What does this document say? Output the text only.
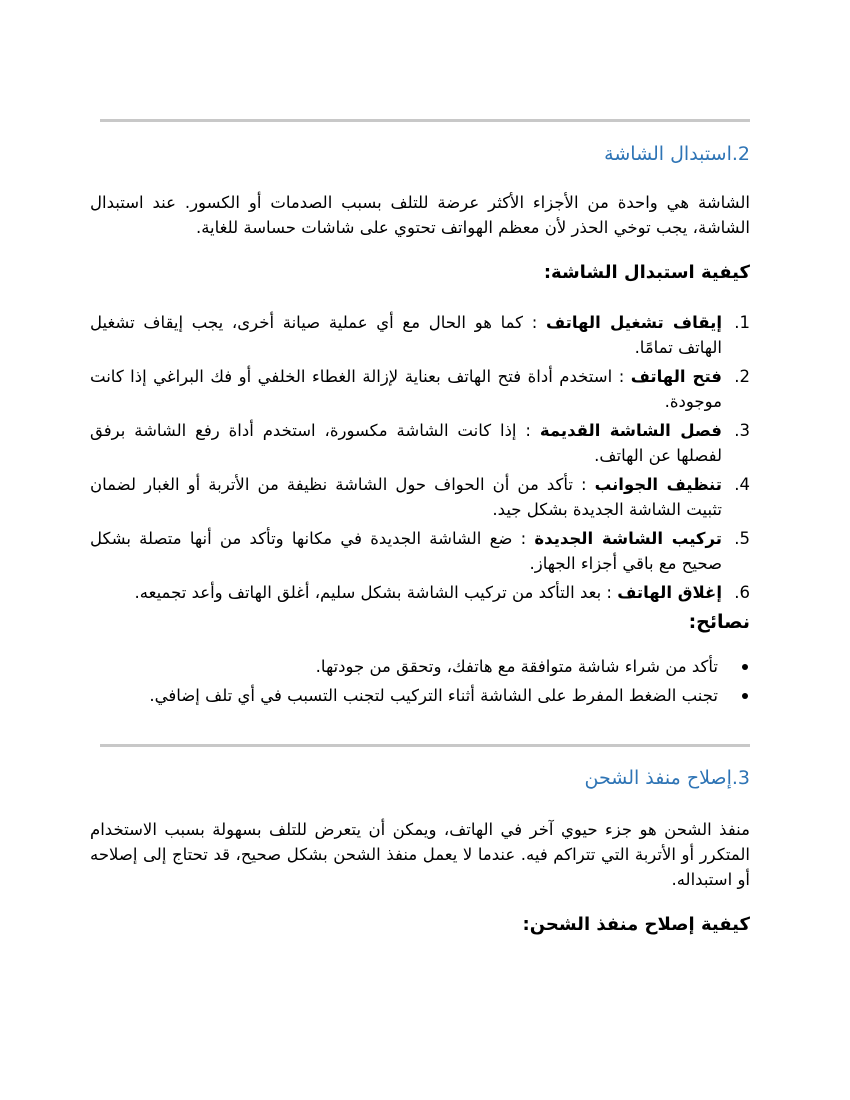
2.استبدال الشاشة
الشاشة هي واحدة من الأجزاء الأكثر عرضة للتلف بسبب الصدمات أو الكسور. عند استبدال الشاشة، يجب توخي الحذر لأن معظم الهواتف تحتوي على شاشات حساسة للغاية.
كيفية استبدال الشاشة:
1.
إيقاف تشغيل الهاتف : كما هو الحال مع أي عملية صيانة أخرى، يجب إيقاف تشغيل الهاتف تمامًا.
2.
فتح الهاتف : استخدم أداة فتح الهاتف بعناية لإزالة الغطاء الخلفي أو فك البراغي إذا كانت موجودة.
3.
فصل الشاشة القديمة : إذا كانت الشاشة مكسورة، استخدم أداة رفع الشاشة برفق لفصلها عن الهاتف.
4.
تنظيف الجوانب : تأكد من أن الحواف حول الشاشة نظيفة من الأتربة أو الغبار لضمان تثبيت الشاشة الجديدة بشكل جيد.
5.
تركيب الشاشة الجديدة : ضع الشاشة الجديدة في مكانها وتأكد من أنها متصلة بشكل صحيح مع باقي أجزاء الجهاز.
6.
إغلاق الهاتف : بعد التأكد من تركيب الشاشة بشكل سليم، أغلق الهاتف وأعد تجميعه.
نصائح:
تأكد من شراء شاشة متوافقة مع هاتفك، وتحقق من جودتها.
تجنب الضغط المفرط على الشاشة أثناء التركيب لتجنب التسبب في أي تلف إضافي.
3.إصلاح منفذ الشحن
منفذ الشحن هو جزء حيوي آخر في الهاتف، ويمكن أن يتعرض للتلف بسهولة بسبب الاستخدام المتكرر أو الأتربة التي تتراكم فيه. عندما لا يعمل منفذ الشحن بشكل صحيح، قد تحتاج إلى إصلاحه أو استبداله.
كيفية إصلاح منفذ الشحن:
